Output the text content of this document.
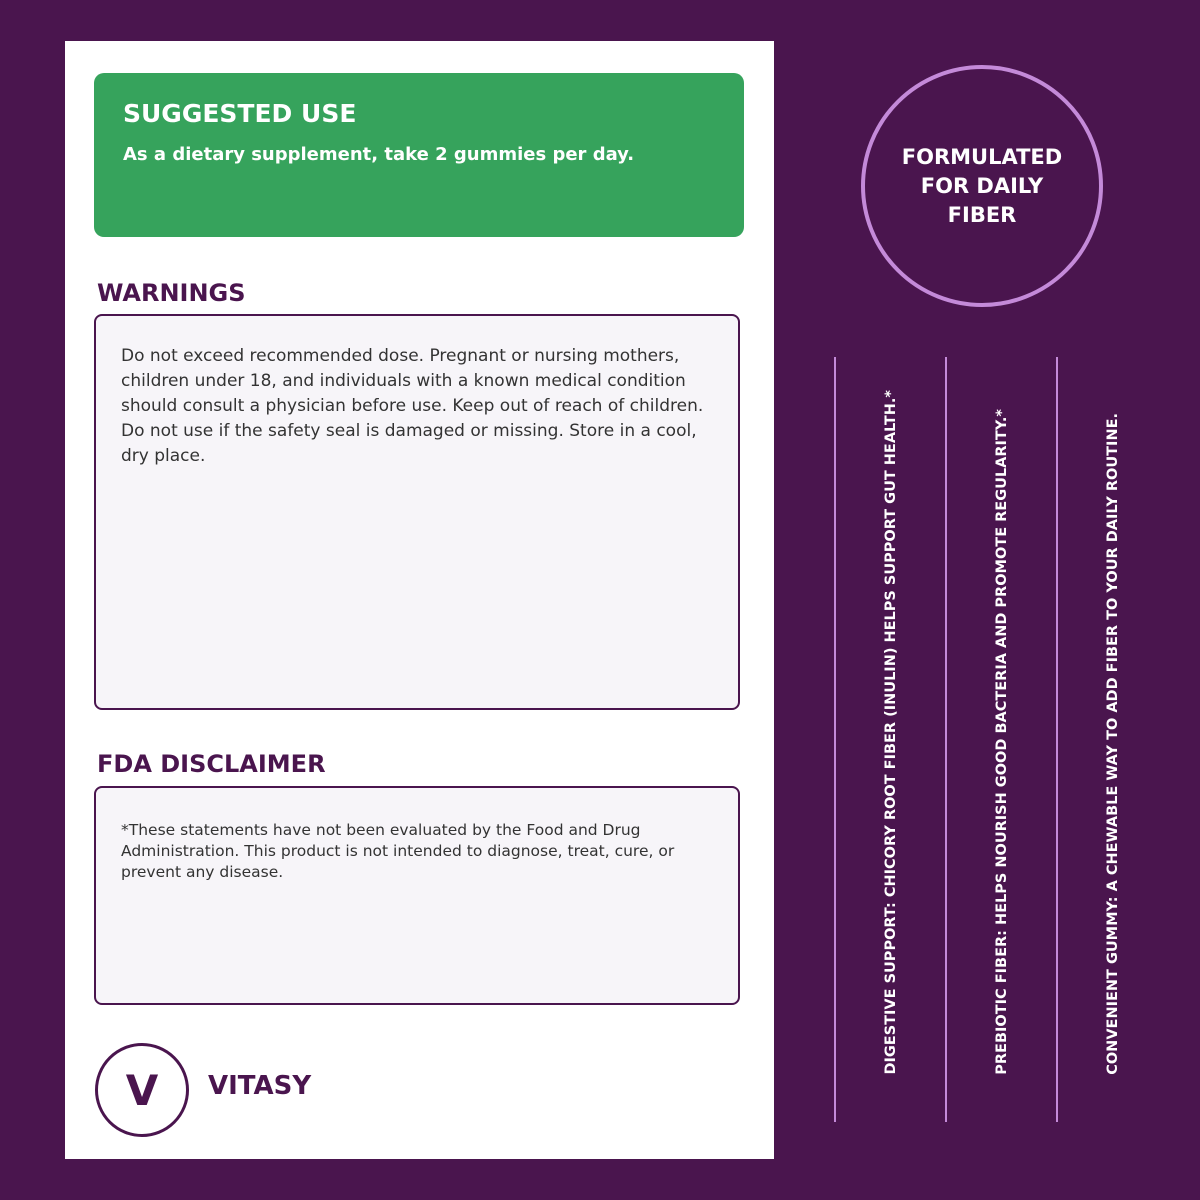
SUGGESTED USE
As a dietary supplement, take 2 gummies per day.
WARNINGS
Do not exceed recommended dose. Pregnant or nursing mothers, children under 18, and individuals with a known medical condition should consult a physician before use. Keep out of reach of children. Do not use if the safety seal is damaged or missing. Store in a cool, dry place.
FDA DISCLAIMER
*These statements have not been evaluated by the Food and Drug Administration. This product is not intended to diagnose, treat, cure, or prevent any disease.
V	VITASY
FORMULATED FOR DAILY FIBER
DIGESTIVE SUPPORT: CHICORY ROOT FIBER (INULIN) HELPS SUPPORT GUT HEALTH.*	PREBIOTIC FIBER: HELPS NOURISH GOOD BACTERIA AND PROMOTE REGULARITY.*	CONVENIENT GUMMY: A CHEWABLE WAY TO ADD FIBER TO YOUR DAILY ROUTINE.
